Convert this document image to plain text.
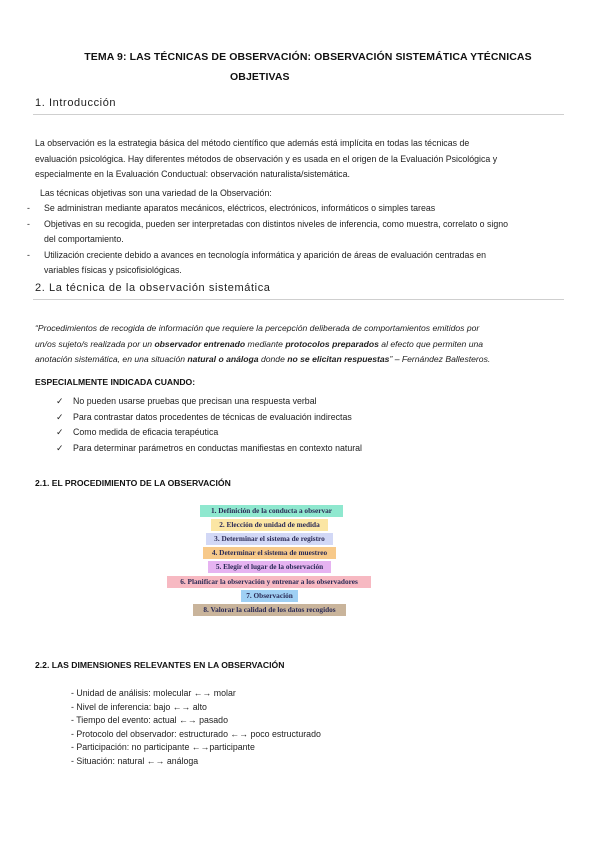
TEMA 9: LAS TÉCNICAS DE OBSERVACIÓN: OBSERVACIÓN SISTEMÁTICA YTÉCNICAS
OBJETIVAS
1. Introducción
La observación es la estrategia básica del método científico que además está implícita en todas las técnicas de
evaluación psicológica. Hay diferentes métodos de observación y es usada en el origen de la Evaluación Psicológica y
especialmente en la Evaluación Conductual: observación naturalista/sistemática.
Las técnicas objetivas son una variedad de la Observación:
- Se administran mediante aparatos mecánicos, eléctricos, electrónicos, informáticos o simples tareas
- Objetivas en su recogida, pueden ser interpretadas con distintos niveles de inferencia, como muestra, correlato o signo
del comportamiento.
- Utilización creciente debido a avances en tecnología informática y aparición de áreas de evaluación centradas en
variables físicas y psicofisiológicas.
2. La técnica de la observación sistemática
“Procedimientos de recogida de información que requiere la percepción deliberada de comportamientos emitidos por
un/os sujeto/s realizada por un observador entrenado mediante protocolos preparados al efecto que permiten una
anotación sistemática, en una situación natural o análoga donde no se elicitan respuestas” – Fernández Ballesteros.
ESPECIALMENTE INDICADA CUANDO:
✓	No pueden usarse pruebas que precisan una respuesta verbal
✓	Para contrastar datos procedentes de técnicas de evaluación indirectas
✓	Como medida de eficacia terapéutica
✓	Para determinar parámetros en conductas manifiestas en contexto natural
2.1. EL PROCEDIMIENTO DE LA OBSERVACIÓN
1. Definición de la conducta a observar
2. Elección de unidad de medida
3. Determinar el sistema de registro
4. Determinar el sistema de muestreo
5. Elegir el lugar de la observación
6. Planificar la observación y entrenar a los observadores
7. Observación
8. Valorar la calidad de los datos recogidos
2.2. LAS DIMENSIONES RELEVANTES EN LA OBSERVACIÓN
- Unidad de análisis: molecular ←→ molar
- Nivel de inferencia: bajo ←→ alto
- Tiempo del evento: actual ←→ pasado
- Protocolo del observador: estructurado ←→ poco estructurado
- Participación: no participante ←→participante
- Situación: natural ←→ análoga
